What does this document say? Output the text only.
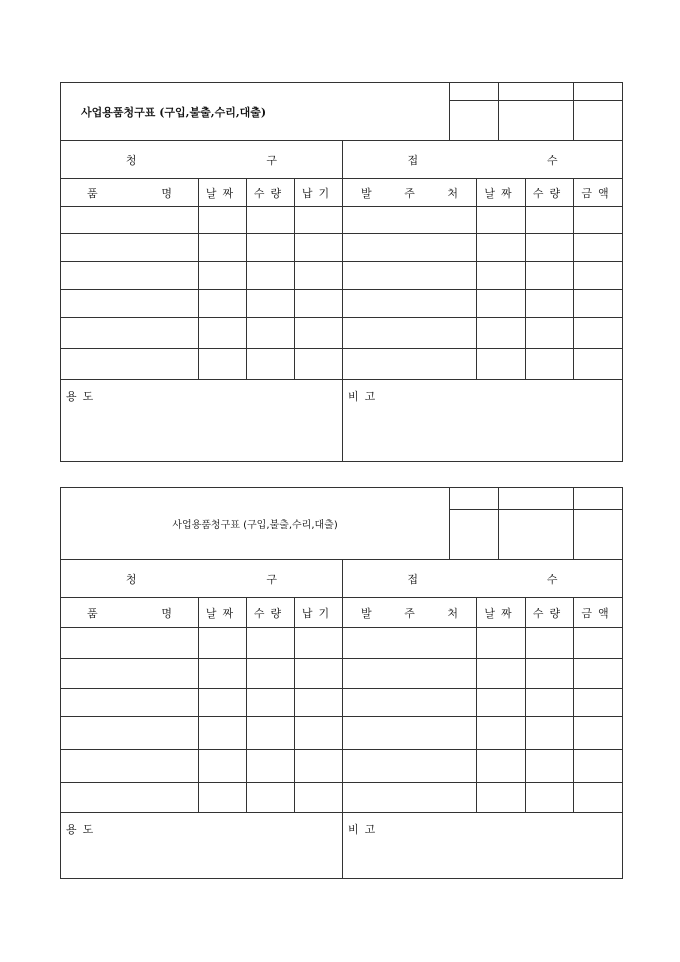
사업용품청구표 (구입,불출,수리,대출)									

청 구				접 수					
품 명	날짜	수량	납기	발 주 처		날짜		수량	금액

용도				비고					
사업용품청구표 (구입,불출,수리,대출)									

청 구				접 수					
품 명	날짜	수량	납기	발 주 처		날짜		수량	금액

용도				비고					
